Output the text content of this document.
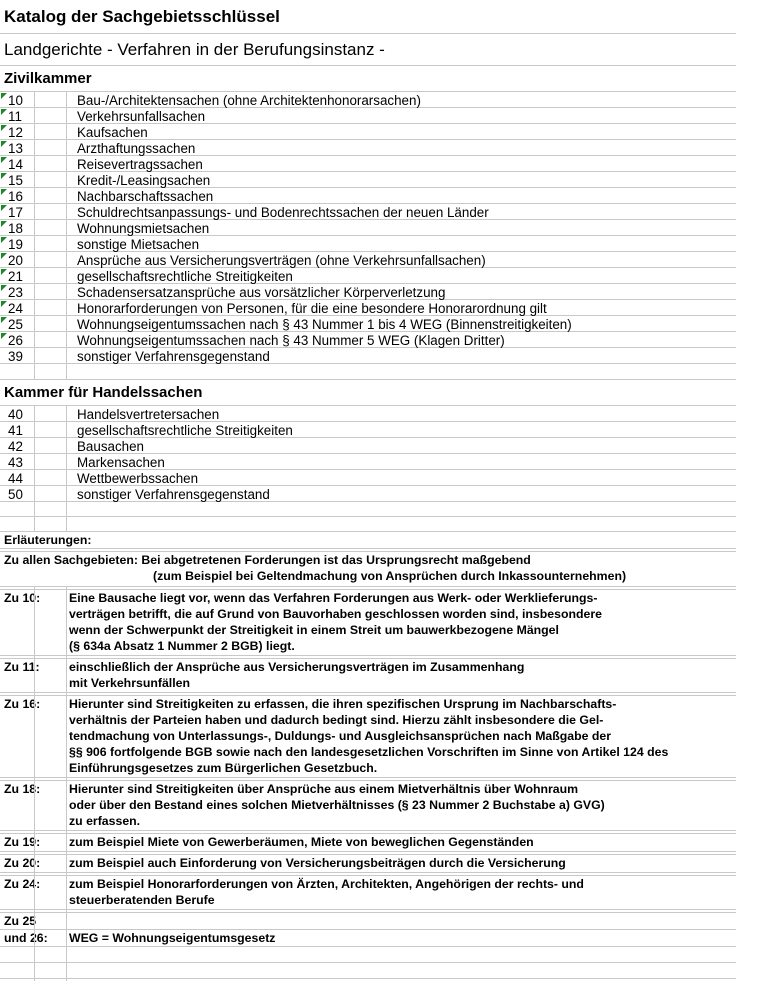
Katalog der Sachgebietsschlüssel
Landgerichte - Verfahren in der Berufungsinstanz -
Zivilkammer
10	Bau-/Architektensachen (ohne Architektenhonorarsachen)
11	Verkehrsunfallsachen
12	Kaufsachen
13	Arzthaftungssachen
14	Reisevertragssachen
15	Kredit-/Leasingsachen
16	Nachbarschaftssachen
17	Schuldrechtsanpassungs- und Bodenrechtssachen der neuen Länder
18	Wohnungsmietsachen
19	sonstige Mietsachen
20	Ansprüche aus Versicherungsverträgen (ohne Verkehrsunfallsachen)
21	gesellschaftsrechtliche Streitigkeiten
23	Schadensersatzansprüche aus vorsätzlicher Körperverletzung
24	Honorarforderungen von Personen, für die eine besondere Honorarordnung gilt
25	Wohnungseigentumssachen nach § 43 Nummer 1 bis 4 WEG (Binnenstreitigkeiten)
26	Wohnungseigentumssachen nach § 43 Nummer 5 WEG (Klagen Dritter)
39	sonstiger Verfahrensgegenstand
Kammer für Handelssachen
40	Handelsvertretersachen
41	gesellschaftsrechtliche Streitigkeiten
42	Bausachen
43	Markensachen
44	Wettbewerbssachen
50	sonstiger Verfahrensgegenstand
Erläuterungen:
Zu allen Sachgebieten: Bei abgetretenen Forderungen ist das Ursprungsrecht maßgebend
(zum Beispiel bei Geltendmachung von Ansprüchen durch Inkassounternehmen)
Zu 10: Eine Bausache liegt vor, wenn das Verfahren Forderungen aus Werk- oder Werklieferungs-
verträgen betrifft, die auf Grund von Bauvorhaben geschlossen worden sind, insbesondere
wenn der Schwerpunkt der Streitigkeit in einem Streit um bauwerkbezogene Mängel
(§ 634a Absatz 1 Nummer 2 BGB) liegt.
Zu 11: einschließlich der Ansprüche aus Versicherungsverträgen im Zusammenhang
mit Verkehrsunfällen
Zu 16: Hierunter sind Streitigkeiten zu erfassen, die ihren spezifischen Ursprung im Nachbarschafts-
verhältnis der Parteien haben und dadurch bedingt sind. Hierzu zählt insbesondere die Gel-
tendmachung von Unterlassungs-, Duldungs- und Ausgleichsansprüchen nach Maßgabe der
§§ 906 fortfolgende BGB sowie nach den landesgesetzlichen Vorschriften im Sinne von Artikel 124 des
Einführungsgesetzes zum Bürgerlichen Gesetzbuch.
Zu 18: Hierunter sind Streitigkeiten über Ansprüche aus einem Mietverhältnis über Wohnraum
oder über den Bestand eines solchen Mietverhältnisses (§ 23 Nummer 2 Buchstabe a) GVG)
zu erfassen.
Zu 19: zum Beispiel Miete von Gewerberäumen, Miete von beweglichen Gegenständen
Zu 20: zum Beispiel auch Einforderung von Versicherungsbeiträgen durch die Versicherung
Zu 24: zum Beispiel Honorarforderungen von Ärzten, Architekten, Angehörigen der rechts- und
steuerberatenden Berufe
Zu 25
und 26: WEG = Wohnungseigentumsgesetz
